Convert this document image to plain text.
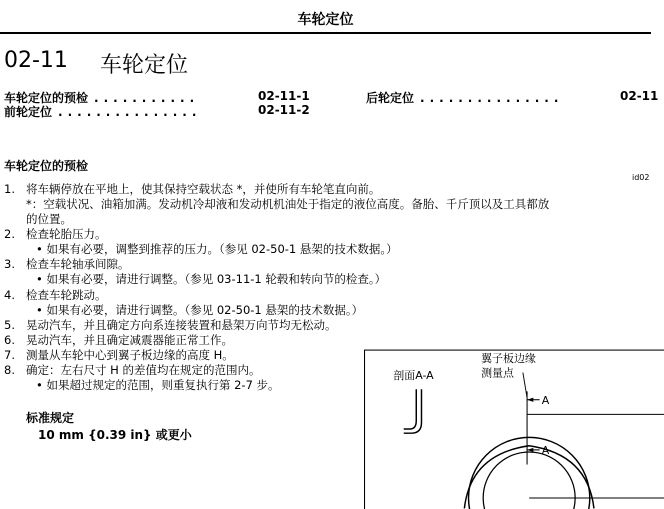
车轮定位
02-11 车轮定位
车轮定位的预检 ...........	02-11-1	后轮定位 ...............	02-11
前轮定位 ...............	02-11-2
车轮定位的预检
id02
1. 将车辆停放在平地上，使其保持空载状态 *，并使所有车轮笔直向前。
*：空载状况、油箱加满。发动机冷却液和发动机机油处于指定的液位高度。备胎、千斤顶以及工具都放
的位置。
2. 检查轮胎压力。
• 如果有必要，调整到推荐的压力。（参见 02-50-1 悬架的技术数据。）
3. 检查车轮轴承间隙。
• 如果有必要，请进行调整。（参见 03-11-1 轮毂和转向节的检查。）
4. 检查车轮跳动。
• 如果有必要，请进行调整。（参见 02-50-1 悬架的技术数据。）
5. 晃动汽车，并且确定方向系连接装置和悬架万向节均无松动。
6. 晃动汽车，并且确定减震器能正常工作。
7. 测量从车轮中心到翼子板边缘的高度 H。
8. 确定：左右尺寸 H 的差值均在规定的范围内。
• 如果超过规定的范围，则重复执行第 2-7 步。
标准规定
10 mm {0.39 in} 或更小
剖面A-A
翼子板边缘
测量点
A
A
